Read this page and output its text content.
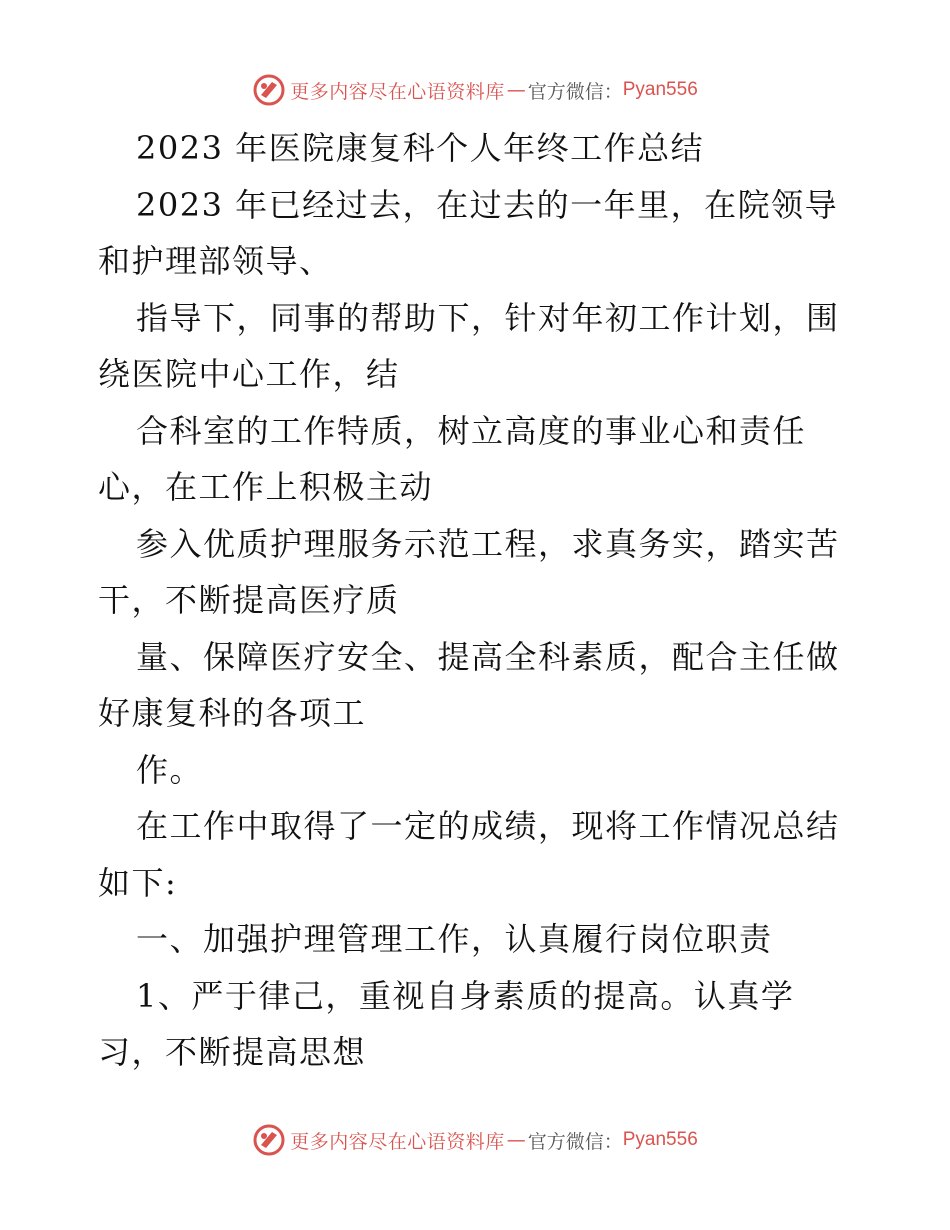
更多内容尽在心语资料库 — 官方微信： Pyan556
2023 年医院康复科个人年终工作总结
2023 年已经过去，在过去的一年里，在院领导
和护理部领导、
指导下，同事的帮助下，针对年初工作计划，围
绕医院中心工作，结
合科室的工作特质，树立高度的事业心和责任
心，在工作上积极主动
参入优质护理服务示范工程，求真务实，踏实苦
干，不断提高医疗质
量、保障医疗安全、提高全科素质，配合主任做
好康复科的各项工
作。
在工作中取得了一定的成绩，现将工作情况总结
如下:
一、加强护理管理工作，认真履行岗位职责
1、严于律己，重视自身素质的提高。认真学
习，不断提高思想
更多内容尽在心语资料库 — 官方微信： Pyan556
